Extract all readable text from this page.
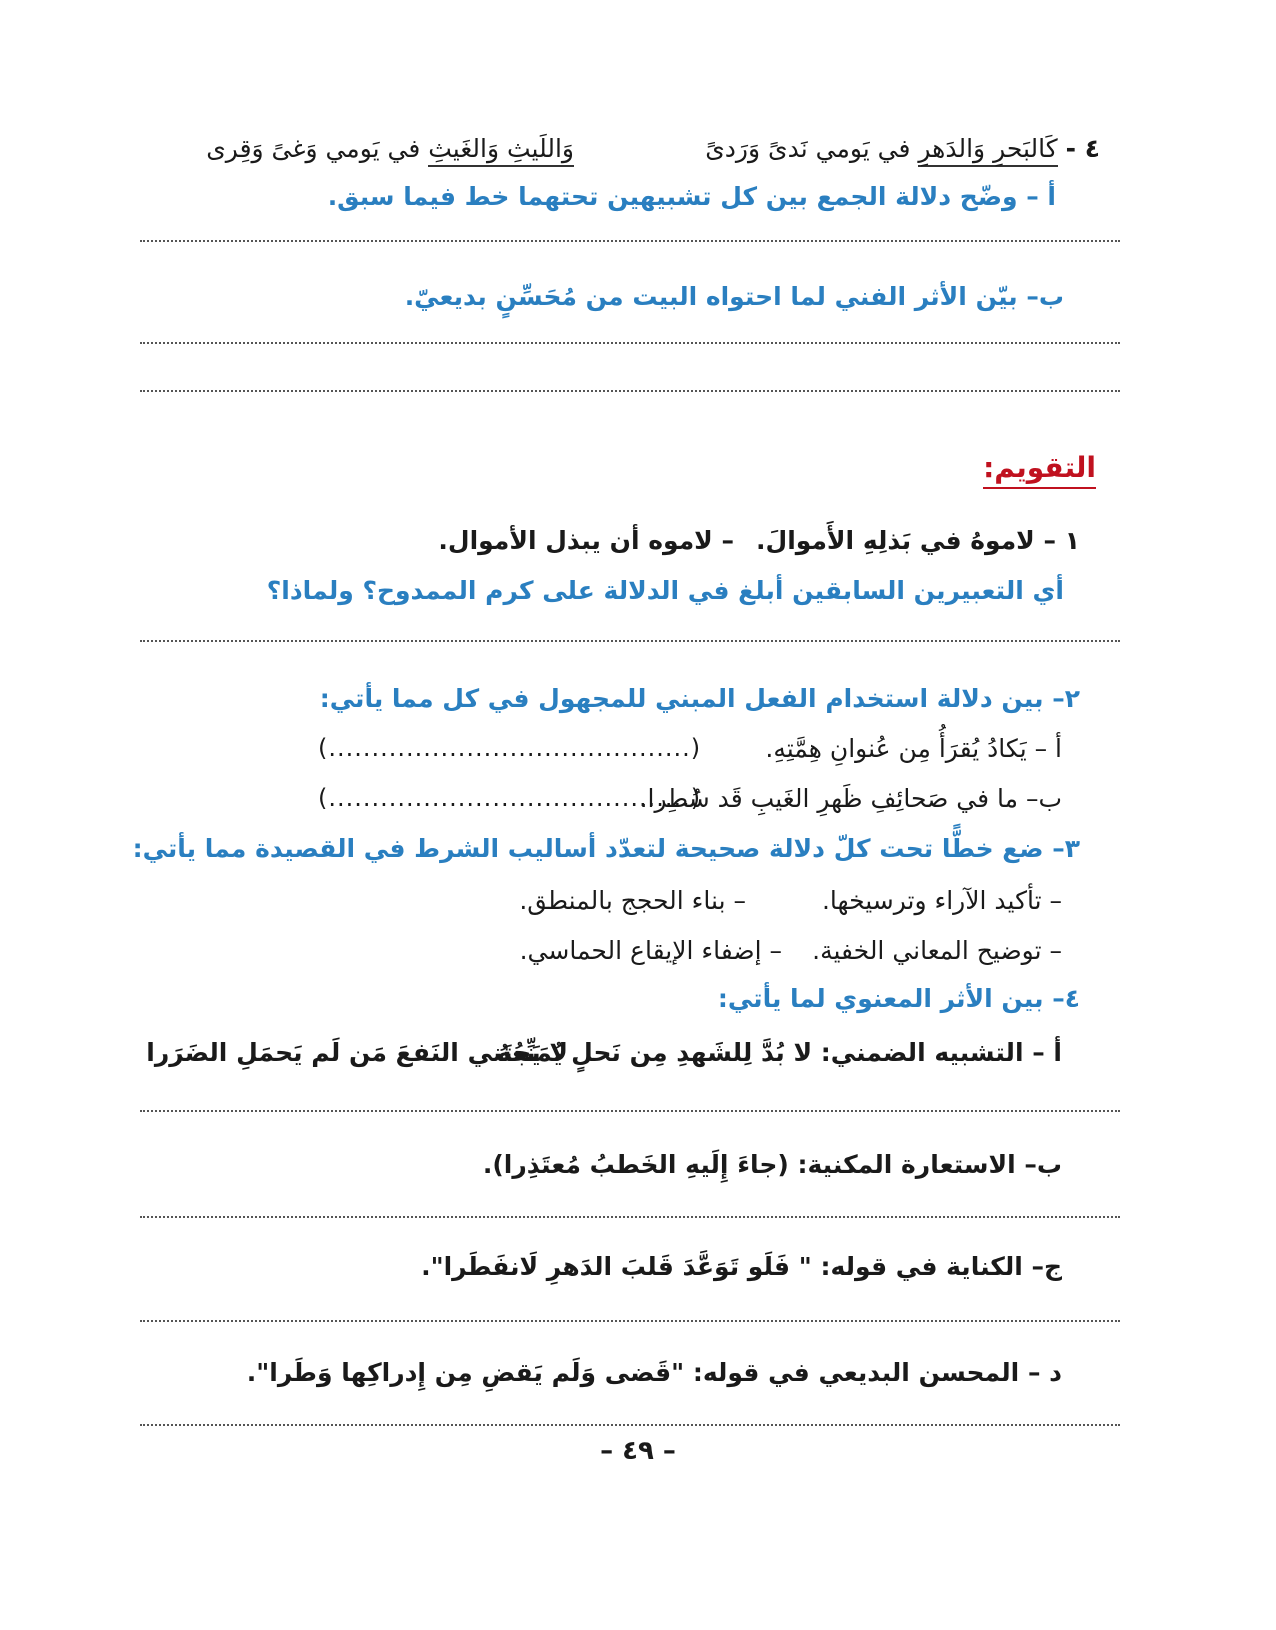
٤ - كَالبَحرِ وَالدَهرِ في يَومي نَدىً وَرَدىً
وَاللَيثِ وَالغَيثِ في يَومي وَغىً وَقِرى
أ – وضّح دلالة الجمع بين كل تشبيهين تحتهما خط فيما سبق.
ب– بيّن الأثر الفني لما احتواه البيت من مُحَسِّنٍ بديعيّ.
التقويم:
١ – لاموهُ في بَذلِهِ الأَموالَ.
– لاموه أن يبذل الأموال.
أي التعبيرين السابقين أبلغ في الدلالة على كرم الممدوح؟ ولماذا؟
٢– بين دلالة استخدام الفعل المبني للمجهول في كل مما يأتي:
أ – يَكادُ يُقرَأُ مِن عُنوانِ هِمَّتِهِ.
(..........................................)
ب– ما في صَحائِفِ ظَهرِ الغَيبِ قَد سُطِرا.
(..........................................)
٣– ضع خطًّا تحت كلّ دلالة صحيحة لتعدّد أساليب الشرط في القصيدة مما يأتي:
– تأكيد الآراء وترسيخها.
– بناء الحجج بالمنطق.
– توضيح المعاني الخفية.
– إضفاء الإيقاع الحماسي.
٤– بين الأثر المعنوي لما يأتي:
أ – التشبيه الضمني: لا بُدَّ لِلشَهدِ مِن نَحلٍ يُمَنِّعُهُ
لا يَجتَني النَفعَ مَن لَم يَحمَلِ الضَرَرا
ب– الاستعارة المكنية: (جاءَ إِلَيهِ الخَطبُ مُعتَذِرا).
ج– الكناية في قوله: " فَلَو تَوَعَّدَ قَلبَ الدَهرِ لَانفَطَرا".
د – المحسن البديعي في قوله: "قَضى وَلَم يَقضِ مِن إِدراكِها وَطَرا".
– ٤٩ –
